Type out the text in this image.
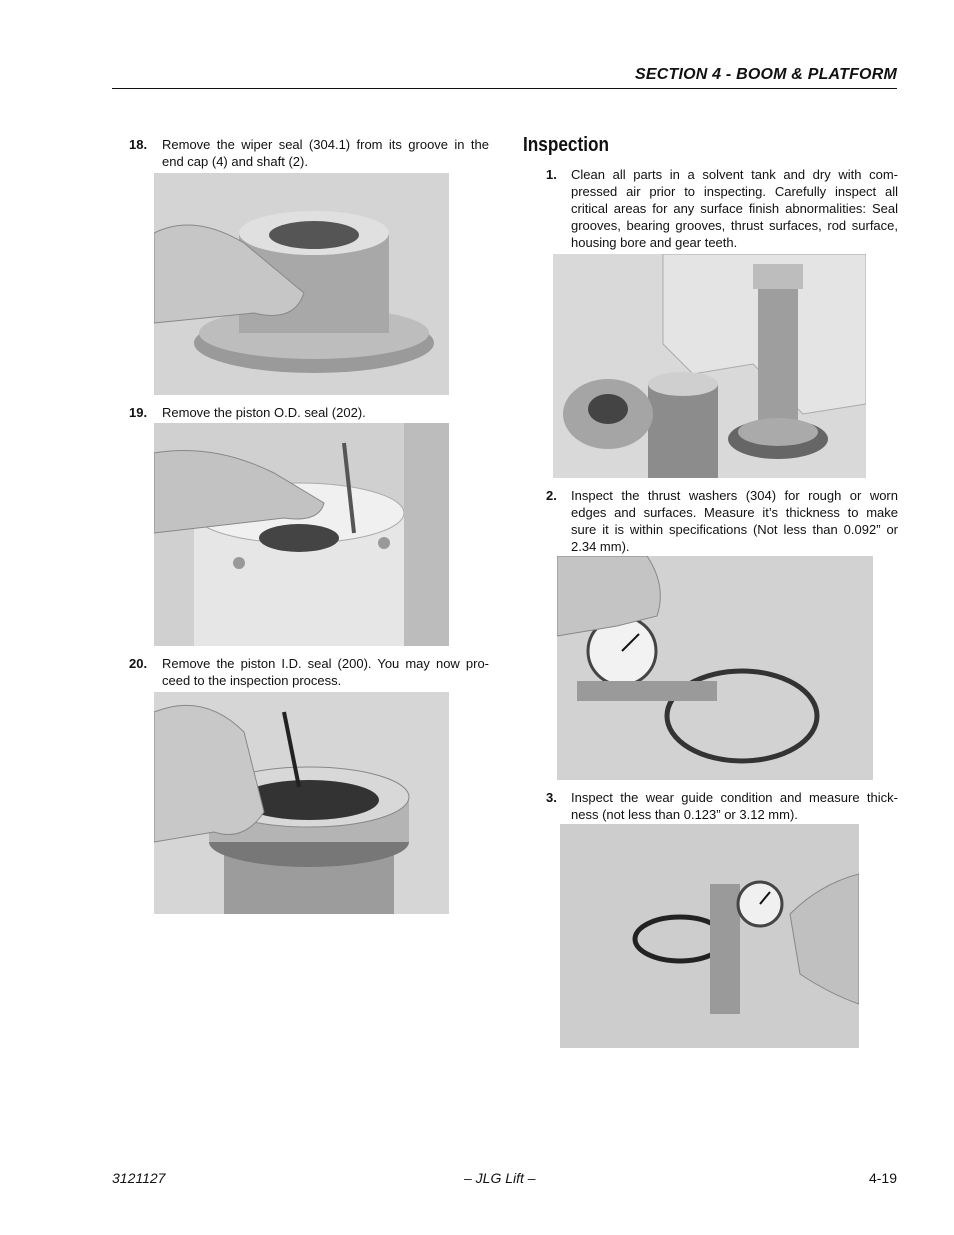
SECTION 4 - BOOM & PLATFORM
18.	Remove the wiper seal (304.1) from its groove in the end cap (4) and shaft (2).
19.	Remove the piston O.D. seal (202).
20.	Remove the piston I.D. seal (200). You may now pro-ceed to the inspection process.
Inspection
1.	Clean all parts in a solvent tank and dry with com-pressed air prior to inspecting. Carefully inspect all critical areas for any surface finish abnormalities: Seal grooves, bearing grooves, thrust surfaces, rod surface, housing bore and gear teeth.
2.	Inspect the thrust washers (304) for rough or worn edges and surfaces. Measure it’s thickness to make sure it is within specifications (Not less than 0.092” or 2.34 mm).
3.	Inspect the wear guide condition and measure thick-ness (not less than 0.123” or 3.12 mm).
3121127	– JLG Lift –	4-19
